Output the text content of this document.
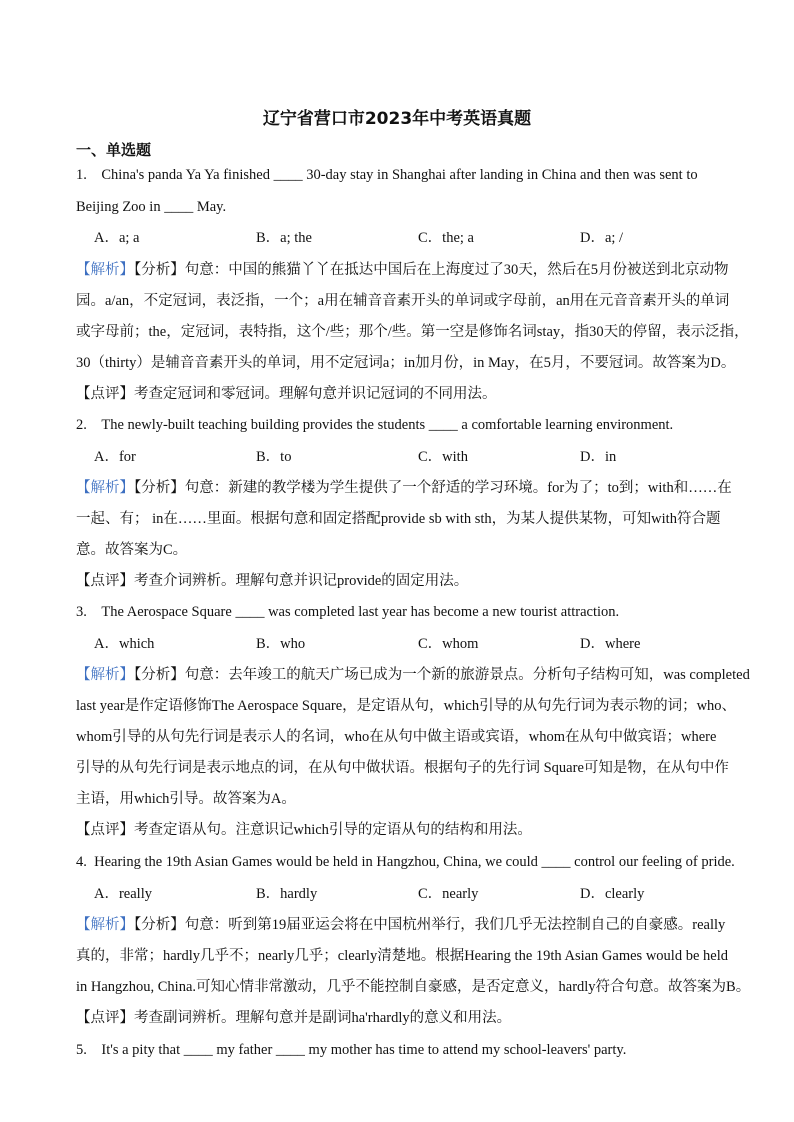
辽宁省营口市2023年中考英语真题
一、单选题
1. China's panda Ya Ya finished ____ 30-day stay in Shanghai after landing in China and then was sent to
Beijing Zoo in ____ May.
A．a; a	B．a; the	C．the; a	D．a; /
【解析】【分析】句意：中国的熊猫丫丫在抵达中国后在上海度过了30天，然后在5月份被送到北京动物
园。a/an，不定冠词，表泛指，一个；a用在辅音音素开头的单词或字母前，an用在元音音素开头的单词
或字母前；the，定冠词，表特指，这个/些；那个/些。第一空是修饰名词stay，指30天的停留，表示泛指，
30（thirty）是辅音音素开头的单词，用不定冠词a；in加月份，in May，在5月，不要冠词。故答案为D。
【点评】考查定冠词和零冠词。理解句意并识记冠词的不同用法。
2. The newly-built teaching building provides the students ____ a comfortable learning environment.
A．for	B．to	C．with	D．in
【解析】【分析】句意：新建的教学楼为学生提供了一个舒适的学习环境。for为了；to到；with和……在
一起、有； in在……里面。根据句意和固定搭配provide sb with sth，为某人提供某物，可知with符合题
意。故答案为C。
【点评】考查介词辨析。理解句意并识记provide的固定用法。
3. The Aerospace Square ____ was completed last year has become a new tourist attraction.
A．which	B．who	C．whom	D．where
【解析】【分析】句意：去年竣工的航天广场已成为一个新的旅游景点。分析句子结构可知，was completed
last year是作定语修饰The Aerospace Square，是定语从句，which引导的从句先行词为表示物的词；who、
whom引导的从句先行词是表示人的名词，who在从句中做主语或宾语，whom在从句中做宾语；where
引导的从句先行词是表示地点的词，在从句中做状语。根据句子的先行词 Square可知是物，在从句中作
主语，用which引导。故答案为A。
【点评】考查定语从句。注意识记which引导的定语从句的结构和用法。
4. Hearing the 19th Asian Games would be held in Hangzhou, China, we could ____ control our feeling of pride.
A．really	B．hardly	C．nearly	D．clearly
【解析】【分析】句意：听到第19届亚运会将在中国杭州举行，我们几乎无法控制自己的自豪感。really
真的，非常；hardly几乎不；nearly几乎；clearly清楚地。根据Hearing the 19th Asian Games would be held
in Hangzhou, China.可知心情非常激动，几乎不能控制自豪感，是否定意义，hardly符合句意。故答案为B。
【点评】考查副词辨析。理解句意并是副词ha'rhardly的意义和用法。
5. It's a pity that ____ my father ____ my mother has time to attend my school-leavers' party.
